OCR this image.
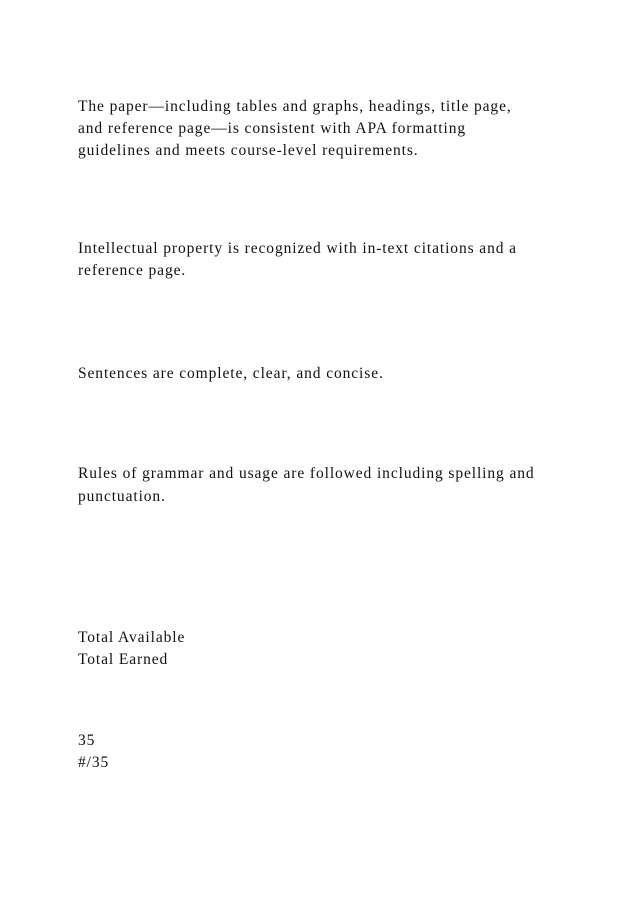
The paper—including tables and graphs, headings, title page,

and reference page—is consistent with APA formatting

guidelines and meets course-level requirements.

Intellectual property is recognized with in-text citations and a

reference page.

Sentences are complete, clear, and concise.

Rules of grammar and usage are followed including spelling and

punctuation.

Total Available

Total Earned

35

#/35
